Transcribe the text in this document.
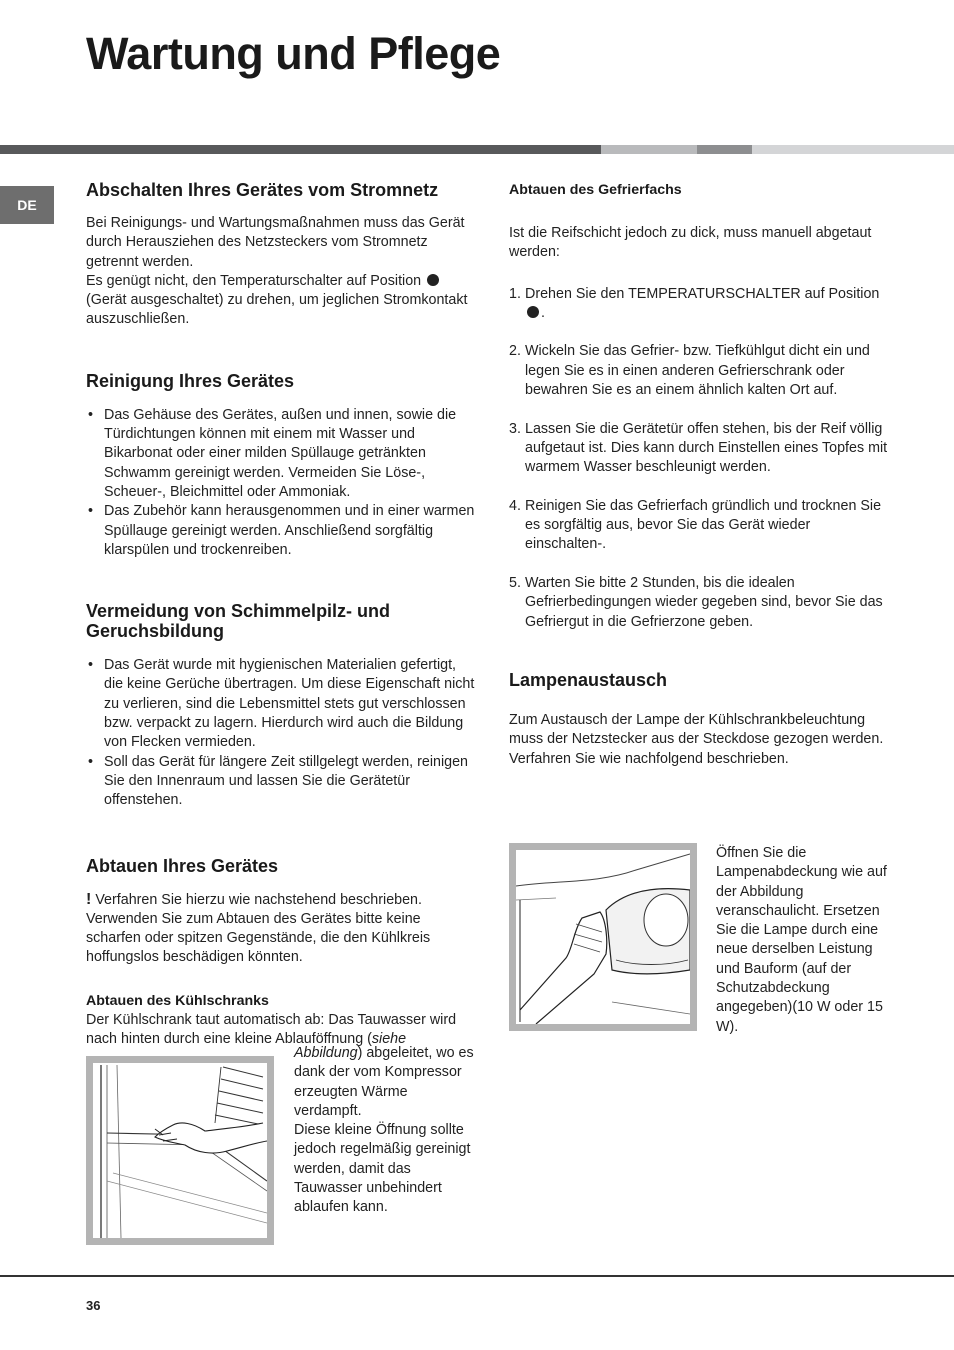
Wartung und Pflege
DE
Abschalten Ihres Gerätes vom Stromnetz

Bei Reinigungs- und Wartungsmaßnahmen muss das Gerät durch Herausziehen des Netzsteckers vom Stromnetz getrennt werden.

Es genügt nicht, den Temperaturschalter auf Position  (Gerät ausgeschaltet) zu drehen, um jeglichen Stromkontakt auszuschließen.

Reinigung Ihres Gerätes
• Das Gehäuse des Gerätes, außen und innen, sowie die Türdichtungen können mit einem mit Wasser und Bikarbonat oder einer milden Spüllauge getränkten Schwamm gereinigt werden. Vermeiden Sie Löse-, Scheuer-, Bleichmittel oder Ammoniak.
• Das Zubehör kann herausgenommen und in einer warmen Spüllauge gereinigt werden. Anschließend sorgfältig klarspülen und trockenreiben.
Vermeidung von Schimmelpilz- und Geruchsbildung
• Das Gerät wurde mit hygienischen Materialien gefertigt, die keine Gerüche übertragen. Um diese Eigenschaft nicht zu verlieren, sind die Lebensmittel stets gut verschlossen bzw. verpackt zu lagern. Hierdurch wird auch die Bildung von Flecken vermieden.
• Soll das Gerät für längere Zeit stillgelegt werden, reinigen Sie den Innenraum und lassen Sie die Gerätetür offenstehen.
Abtauen Ihres Gerätes

! Verfahren Sie hierzu wie nachstehend beschrieben. Verwenden Sie zum Abtauen des Gerätes bitte keine scharfen oder spitzen Gegenstände, die den Kühlkreis hoffungslos beschädigen könnten.

Abtauen des Kühlschranks

Der Kühlschrank taut automatisch ab: Das Tauwasser wird nach hinten durch eine kleine Ablauföffnung (siehe

Abbildung) abgeleitet, wo es dank der vom Kompressor erzeugten Wärme verdampft.
Diese kleine Öffnung sollte jedoch regelmäßig gereinigt werden, damit das Tauwasser unbehindert ablaufen kann.
Abtauen des Gefrierfachs

Ist die Reifschicht jedoch zu dick, muss manuell abgetaut werden:

1. Drehen Sie den TEMPERATURSCHALTER auf Position .
2. Wickeln Sie das Gefrier- bzw. Tiefkühlgut dicht ein und legen Sie es in einen anderen Gefrierschrank oder bewahren Sie es an einem ähnlich kalten Ort auf.
3. Lassen Sie die Gerätetür offen stehen, bis der Reif völlig aufgetaut ist. Dies kann durch Einstellen eines Topfes mit warmem Wasser beschleunigt werden.
4. Reinigen Sie das Gefrierfach gründlich und trocknen Sie es sorgfältig aus, bevor Sie das Gerät wieder einschalten-.
5. Warten Sie bitte 2 Stunden, bis die idealen Gefrierbedingungen wieder gegeben sind, bevor Sie das Gefriergut in die Gefrierzone geben.
Lampenaustausch

Zum Austausch der Lampe der Kühlschrankbeleuchtung muss der Netzstecker aus der Steckdose gezogen werden. Verfahren Sie wie nachfolgend beschrieben.

Öffnen Sie die Lampenabdeckung wie auf der Abbildung veranschaulicht. Ersetzen Sie die Lampe durch eine neue derselben Leistung und Bauform (auf der Schutzabdeckung angegeben)(10 W oder 15 W).
36
